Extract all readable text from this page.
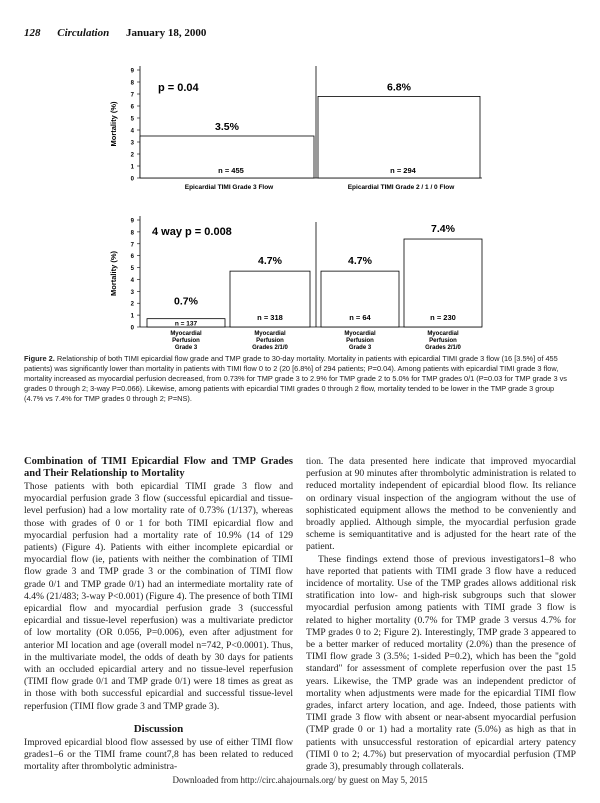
128 Circulation January 18, 2000
0
1
2
3
4
5
6
7
8
9
Mortality (%)
p = 0.04
3.5%
n = 455
Epicardial TIMI Grade 3 Flow
6.8%
n = 294
Epicardial TIMI Grade 2 / 1 / 0 Flow
0
1
2
3
4
5
6
7
8
9
Mortality (%)
4 way p = 0.008
0.7%
n = 137
Myocardial
Perfusion
Grade 3
4.7%
n = 318
Myocardial
Perfusion
Grades 2/1/0
4.7%
n = 64
Myocardial
Perfusion
Grade 3
7.4%
n = 230
Myocardial
Perfusion
Grades 2/1/0
Figure 2. Relationship of both TIMI epicardial flow grade and TMP grade to 30-day mortality. Mortality in patients with epicardial TIMI grade 3 flow (16 [3.5%] of 455 patients) was significantly lower than mortality in patients with TIMI flow 0 to 2 (20 [6.8%] of 294 patients; P=0.04). Among patients with epicardial TIMI grade 3 flow, mortality increased as myocardial perfusion decreased, from 0.73% for TMP grade 3 to 2.9% for TMP grade 2 to 5.0% for TMP grades 0/1 (P=0.03 for TMP grade 3 vs grades 0 through 2; 3-way P=0.066). Likewise, among patients with epicardial TIMI grades 0 through 2 flow, mortality tended to be lower in the TMP grade 3 group (4.7% vs 7.4% for TMP grades 0 through 2; P=NS).
Combination of TIMI Epicardial Flow and TMP Grades and Their Relationship to Mortality

Those patients with both epicardial TIMI grade 3 flow and myocardial perfusion grade 3 flow (successful epicardial and tissue-level perfusion) had a low mortality rate of 0.73% (1/137), whereas those with grades of 0 or 1 for both TIMI epicardial flow and myocardial perfusion had a mortality rate of 10.9% (14 of 129 patients) (Figure 4). Patients with either incomplete epicardial or myocardial flow (ie, patients with neither the combination of TIMI flow grade 3 and TMP grade 3 or the combination of TIMI flow grade 0/1 and TMP grade 0/1) had an intermediate mortality rate of 4.4% (21/483; 3-way P<0.001) (Figure 4). The presence of both TIMI epicardial flow and myocardial perfusion grade 3 (successful epicardial and tissue-level reperfusion) was a multivariate predictor of low mortality (OR 0.056, P=0.006), even after adjustment for anterior MI location and age (overall model n=742, P<0.0001). Thus, in the multivariate model, the odds of death by 30 days for patients with an occluded epicardial artery and no tissue-level reperfusion (TIMI flow grade 0/1 and TMP grade 0/1) were 18 times as great as in those with both successful epicardial and successful tissue-level reperfusion (TIMI flow grade 3 and TMP grade 3).

Discussion

Improved epicardial blood flow assessed by use of either TIMI flow grades1–6 or the TIMI frame count7,8 has been related to reduced mortality after thrombolytic administra-

tion. The data presented here indicate that improved myocardial perfusion at 90 minutes after thrombolytic administration is related to reduced mortality independent of epicardial blood flow. Its reliance on ordinary visual inspection of the angiogram without the use of sophisticated equipment allows the method to be conveniently and broadly applied. Although simple, the myocardial perfusion grade scheme is semiquantitative and is adjusted for the heart rate of the patient.

These findings extend those of previous investigators1–8 who have reported that patients with TIMI grade 3 flow have a reduced incidence of mortality. Use of the TMP grades allows additional risk stratification into low- and high-risk subgroups such that slower myocardial perfusion among patients with TIMI grade 3 flow is related to higher mortality (0.7% for TMP grade 3 versus 4.7% for TMP grades 0 to 2; Figure 2). Interestingly, TMP grade 3 appeared to be a better marker of reduced mortality (2.0%) than the presence of TIMI flow grade 3 (3.5%; 1-sided P=0.2), which has been the "gold standard" for assessment of complete reperfusion over the past 15 years. Likewise, the TMP grade was an independent predictor of mortality when adjustments were made for the epicardial TIMI flow grades, infarct artery location, and age. Indeed, those patients with TIMI grade 3 flow with absent or near-absent myocardial perfusion (TMP grade 0 or 1) had a mortality rate (5.0%) as high as that in patients with unsuccessful restoration of epicardial artery patency (TIMI 0 to 2; 4.7%) but preservation of myocardial perfusion (TMP grade 3), presumably through collaterals.

Downloaded from http://circ.ahajournals.org/ by guest on May 5, 2015
